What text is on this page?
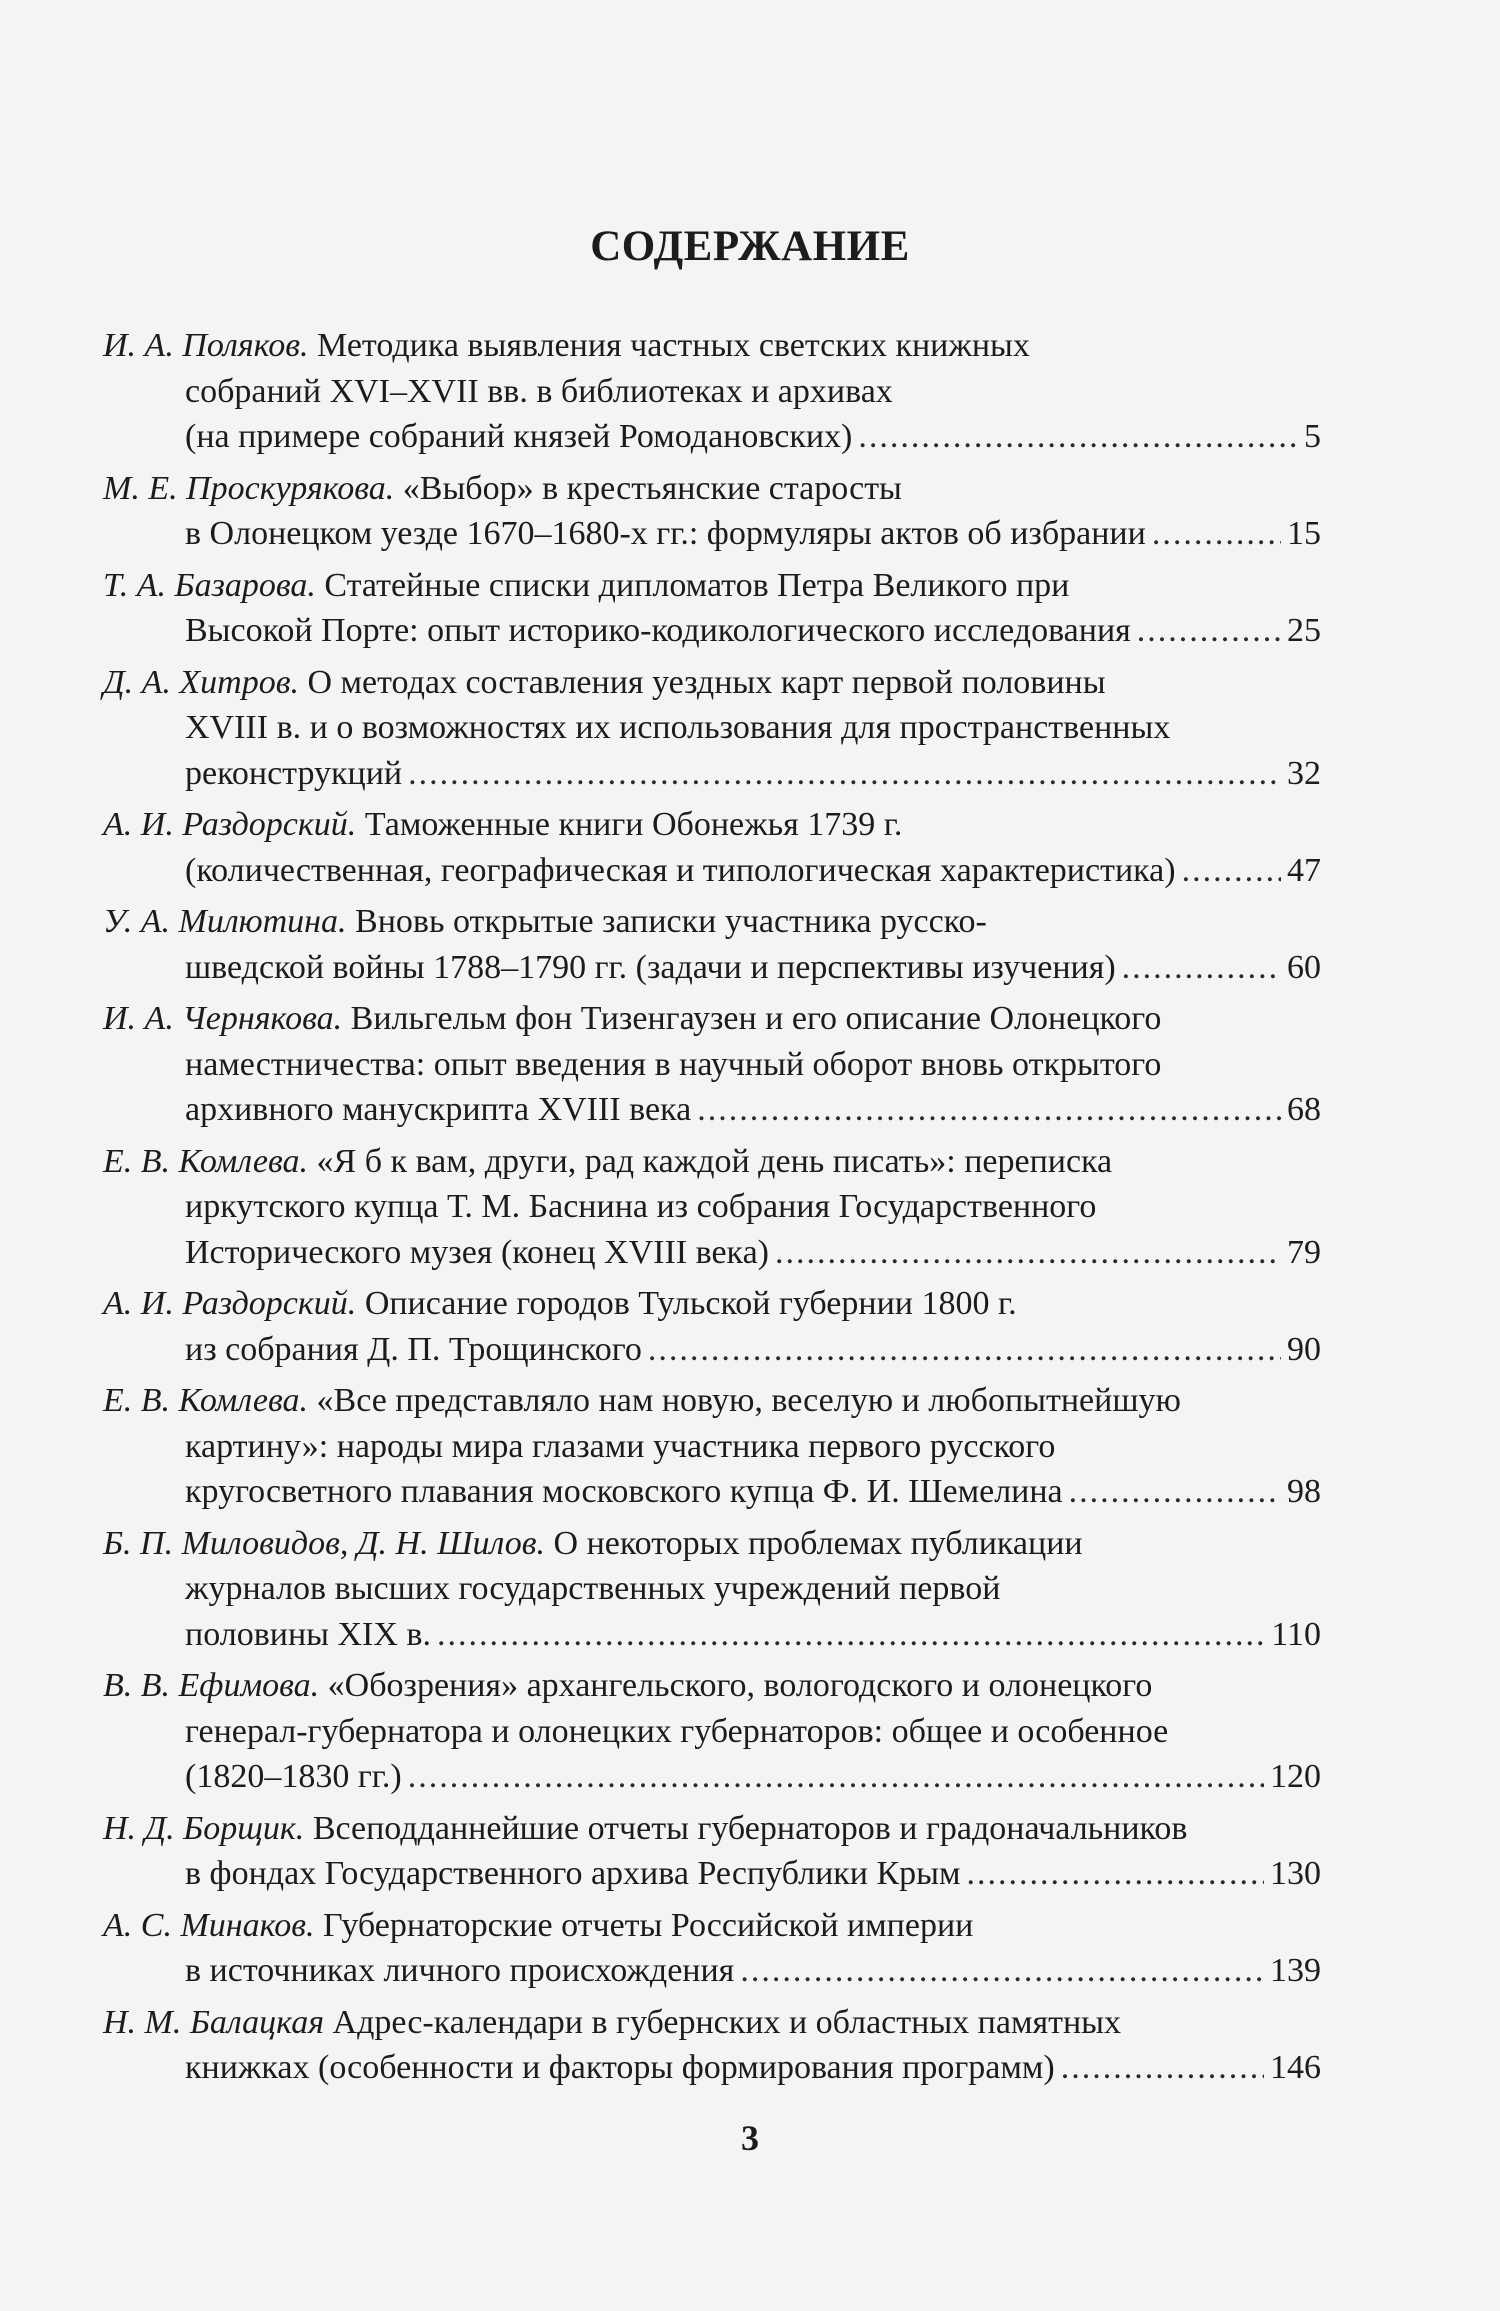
СОДЕРЖАНИЕ
И. А. Поляков. Методика выявления частных светских книжных
собраний XVI–XVII вв. в библиотеках и архивах
(на примере собраний князей Ромодановских) .....	5
М. Е. Проскурякова. «Выбор» в крестьянские старосты
в Олонецком уезде 1670–1680-х гг.: формуляры актов об избрании .....	15
Т. А. Базарова. Статейные списки дипломатов Петра Великого при
Высокой Порте: опыт историко-кодикологического исследования .....	25
Д. А. Хитров. О методах составления уездных карт первой половины
XVIII в. и о возможностях их использования для пространственных
реконструкций .....	32
А. И. Раздорский. Таможенные книги Обонежья 1739 г.
(количественная, географическая и типологическая характеристика) .....	47
У. А. Милютина. Вновь открытые записки участника русско-
шведской войны 1788–1790 гг. (задачи и перспективы изучения) .....	60
И. А. Чернякова. Вильгельм фон Тизенгаузен и его описание Олонецкого
наместничества: опыт введения в научный оборот вновь открытого
архивного манускрипта XVIII века .....	68
Е. В. Комлева. «Я б к вам, други, рад каждой день писать»: переписка
иркутского купца Т. М. Баснина из собрания Государственного
Исторического музея (конец XVIII века) .....	79
А. И. Раздорский. Описание городов Тульской губернии 1800 г.
из собрания Д. П. Трощинского .....	90
Е. В. Комлева. «Все представляло нам новую, веселую и любопытнейшую
картину»: народы мира глазами участника первого русского
кругосветного плавания московского купца Ф. И. Шемелина .....	98
Б. П. Миловидов, Д. Н. Шилов. О некоторых проблемах публикации
журналов высших государственных учреждений первой
половины XIX в. .....	110
В. В. Ефимова. «Обозрения» архангельского, вологодского и олонецкого
генерал-губернатора и олонецких губернаторов: общее и особенное
(1820–1830 гг.) .....	120
Н. Д. Борщик. Всеподданнейшие отчеты губернаторов и градоначальников
в фондах Государственного архива Республики Крым .....	130
А. С. Минаков. Губернаторские отчеты Российской империи
в источниках личного происхождения .....	139
Н. М. Балацкая Адрес-календари в губернских и областных памятных
книжках (особенности и факторы формирования программ) .....	146
3
